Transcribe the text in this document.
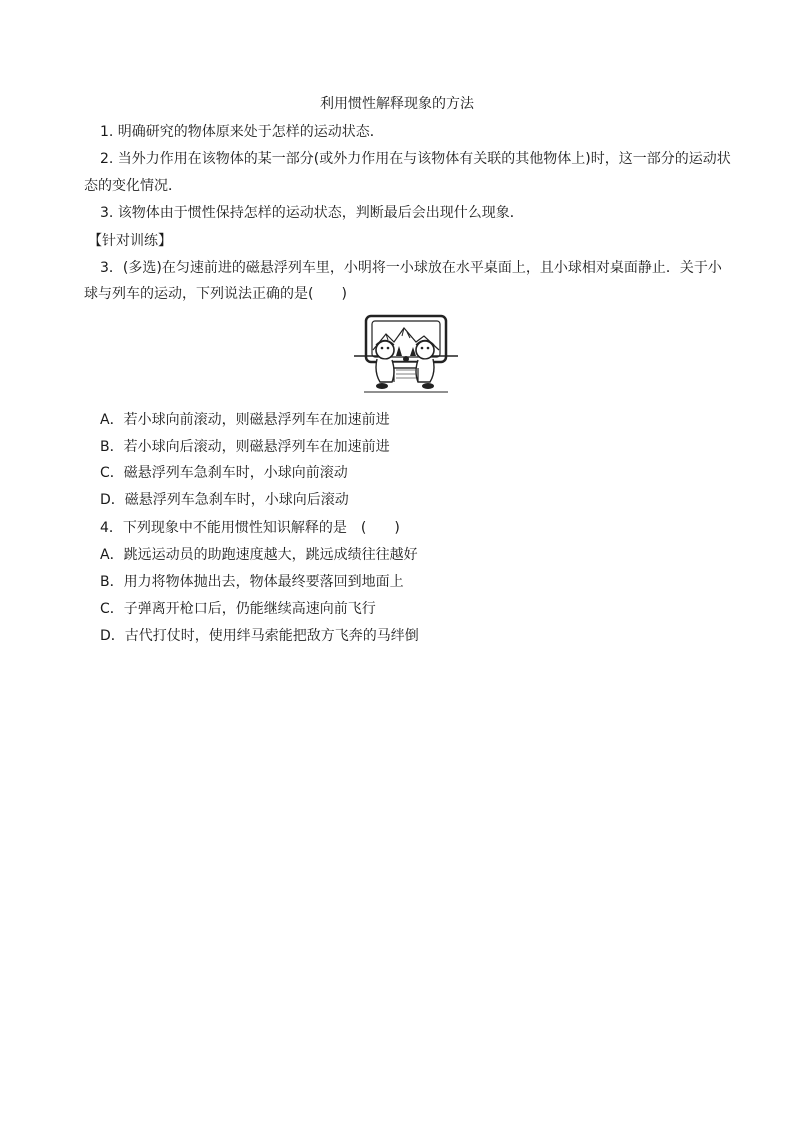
利用惯性解释现象的方法
1. 明确研究的物体原来处于怎样的运动状态．
2. 当外力作用在该物体的某一部分(或外力作用在与该物体有关联的其他物体上)时，这一部分的运动状
态的变化情况．
3. 该物体由于惯性保持怎样的运动状态，判断最后会出现什么现象．
【针对训练】
3．(多选)在匀速前进的磁悬浮列车里，小明将一小球放在水平桌面上，且小球相对桌面静止．关于小
球与列车的运动，下列说法正确的是(　　)
A．若小球向前滚动，则磁悬浮列车在加速前进
B．若小球向后滚动，则磁悬浮列车在加速前进
C．磁悬浮列车急刹车时，小球向前滚动
D．磁悬浮列车急刹车时，小球向后滚动
4．下列现象中不能用惯性知识解释的是　(　　)
A．跳远运动员的助跑速度越大，跳远成绩往往越好
B．用力将物体抛出去，物体最终要落回到地面上
C．子弹离开枪口后，仍能继续高速向前飞行
D．古代打仗时，使用绊马索能把敌方飞奔的马绊倒
